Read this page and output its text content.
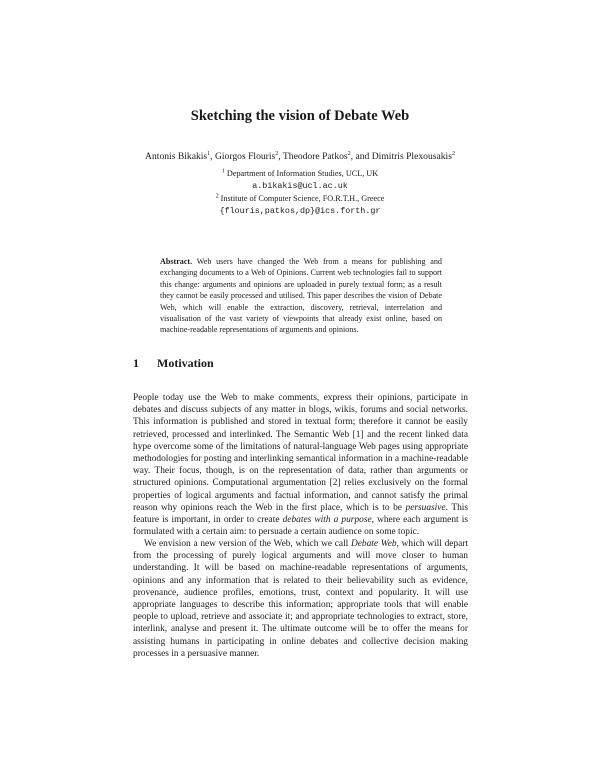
Sketching the vision of Debate Web
Antonis Bikakis$^1$, Giorgos Flouris$^2$, Theodore Patkos$^2$, and Dimitris Plexousakis$^2$
$^1$ Department of Information Studies, UCL, UK
a.bikakis@ucl.ac.uk
$^2$ Institute of Computer Science, FO.R.T.H., Greece
{flouris,patkos,dp}@ics.forth.gr
Abstract. Web users have changed the Web from a means for publishing and exchanging documents to a Web of Opinions. Current web technologies fail to support this change: arguments and opinions are uploaded in purely textual form; as a result they cannot be easily processed and utilised. This paper describes the vision of Debate Web, which will enable the extraction, discovery, retrieval, interrelation and visualisation of the vast variety of viewpoints that already exist online, based on machine-readable representations of arguments and opinions.
1 Motivation
People today use the Web to make comments, express their opinions, participate in debates and discuss subjects of any matter in blogs, wikis, forums and social networks. This information is published and stored in textual form; therefore it cannot be easily retrieved, processed and interlinked. The Semantic Web [1] and the recent linked data hype overcome some of the limitations of natural-language Web pages using appropriate methodologies for posting and interlinking semantical information in a machine-readable way. Their focus, though, is on the representation of data, rather than arguments or structured opinions. Computational argumentation [2] relies exclusively on the formal properties of logical arguments and factual information, and cannot satisfy the primal reason why opinions reach the Web in the first place, which is to be persuasive. This feature is important, in order to create debates with a purpose, where each argument is formulated with a certain aim: to persuade a certain audience on some topic.
We envision a new version of the Web, which we call Debate Web, which will depart from the processing of purely logical arguments and will move closer to human understanding. It will be based on machine-readable representations of arguments, opinions and any information that is related to their believability such as evidence, provenance, audience profiles, emotions, trust, context and popularity. It will use appropriate languages to describe this information; appropriate tools that will enable people to upload, retrieve and associate it; and appropriate technologies to extract, store, interlink, analyse and present it. The ultimate outcome will be to offer the means for assisting humans in participating in online debates and collective decision making processes in a persuasive manner.
